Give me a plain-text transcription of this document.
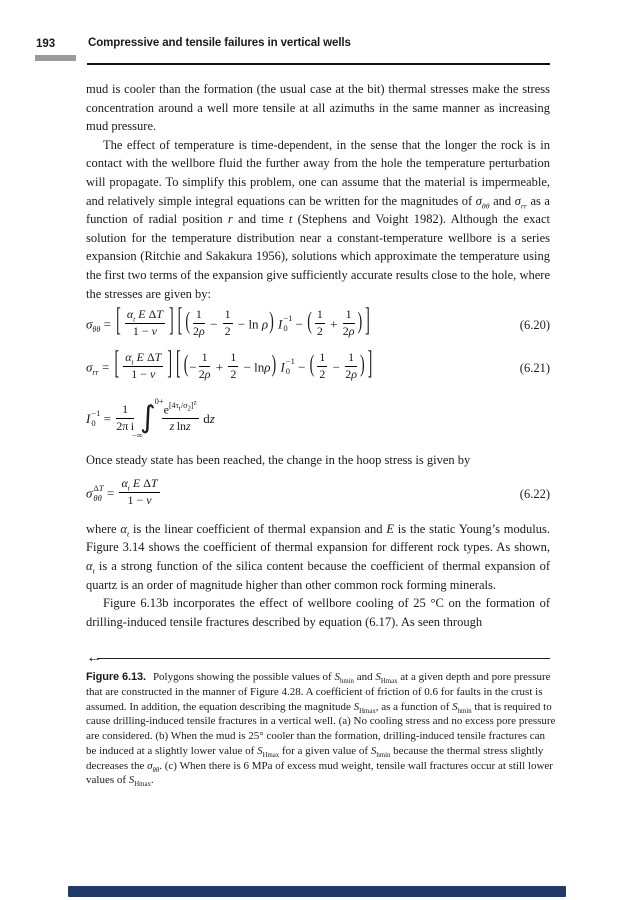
193	Compressive and tensile failures in vertical wells

mud is cooler than the formation (the usual case at the bit) thermal stresses make the stress concentration around a well more tensile at all azimuths in the same manner as increasing mud pressure.

The effect of temperature is time-dependent, in the sense that the longer the rock is in contact with the wellbore fluid the further away from the hole the temperature perturbation will propagate. To simplify this problem, one can assume that the material is impermeable, and relatively simple integral equations can be written for the magnitudes of $\sigma_{\theta\theta}$ and $\sigma_{rr}$ as a function of radial position r and time t (Stephens and Voight 1982). Although the exact solution for the temperature distribution near a constant-temperature wellbore is a series expansion (Ritchie and Sakakura 1956), solutions which approximate the temperature using the first two terms of the expansion give sufficiently accurate results close to the hole, where the stresses are given by:

$\sigma_{\theta\theta}$ = [ $\frac{\alpha_t E \Delta T}{1 - \nu}$ ] [ ( $\frac{1}{2\rho} - \frac{1}{2} - \ln \rho$) I −1
0 − ( $\frac{1}{2} + \frac{1}{2\rho}$ ) ]	(6.20)
$\sigma_{rr}$ = [ $\frac{\alpha_t E \Delta T}{1 - \nu}$ ] [ (− $\frac{1}{2\rho} + \frac{1}{2} - \ln\rho$) I −1
0 − ( $\frac{1}{2} - \frac{1}{2\rho}$ ) ]	(6.21)
I −1
$0 = \frac{1}{\text{2π i}}$
0+
∫
−∞
$\frac{e^{[4\tau_t/\sigma_2]z}}{\text{z lnz}}$  dz

Once steady state has been reached, the change in the hoop stress is given by

σ ΔT
$\theta\theta = \frac{\alpha_t E \Delta T}{1 - \nu}$	(6.22)

where $\alpha_t$ is the linear coefficient of thermal expansion and E is the static Young’s modulus. Figure 3.14 shows the coefficient of thermal expansion for different rock types. As shown, $\alpha_t$ is a strong function of the silica content because the coefficient of thermal expansion of quartz is an order of magnitude higher than other common rock forming minerals.

Figure 6.13b incorporates the effect of wellbore cooling of 25 °C on the formation of drilling-induced tensile fractures described by equation (6.17). As seen through

←

Figure 6.13. Polygons showing the possible values of $S_{hmin}$ and $S_{Hmax}$ at a given depth and pore pressure that are constructed in the manner of Figure 4.28. A coefficient of friction of 0.6 for faults in the crust is assumed. In addition, the equation describing the magnitude $S_{Hmax}$, as a function of $S_{hmin}$ that is required to cause drilling-induced tensile fractures in a vertical well. (a) No cooling stress and no excess pore pressure are considered. (b) When the mud is 25° cooler than the formation, drilling-induced tensile fractures can be induced at a slightly lower value of $S_{Hmax}$ for a given value of $S_{hmin}$ because the thermal stress slightly decreases the $\sigma_{\theta\theta}$. (c) When there is 6 MPa of excess mud weight, tensile wall fractures occur at still lower values of $S_{Hmax}$.
